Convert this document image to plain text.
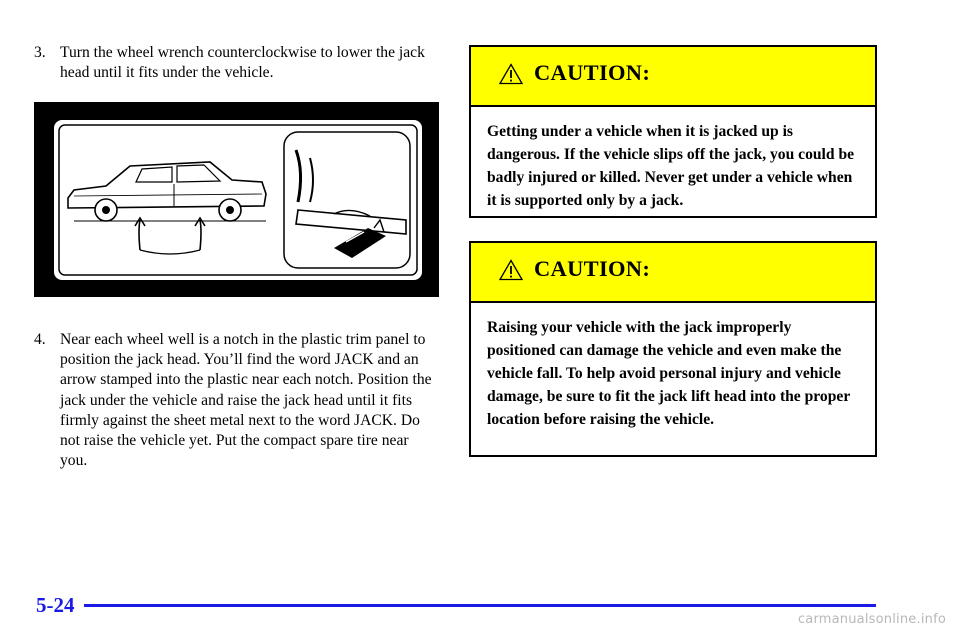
3. Turn the wheel wrench counterclockwise to lower the jack head until it fits under the vehicle.
4. Near each wheel well is a notch in the plastic trim panel to position the jack head. You’ll find the word JACK and an arrow stamped into the plastic near each notch. Position the jack under the vehicle and raise the jack head until it fits firmly against the sheet metal next to the word JACK. Do not raise the vehicle yet. Put the compact spare tire near you.
CAUTION:
Getting under a vehicle when it is jacked up is dangerous. If the vehicle slips off the jack, you could be badly injured or killed. Never get under a vehicle when it is supported only by a jack.
CAUTION:
Raising your vehicle with the jack improperly positioned can damage the vehicle and even make the vehicle fall. To help avoid personal injury and vehicle damage, be sure to fit the jack lift head into the proper location before raising the vehicle.
5-24
carmanualsonline.info
